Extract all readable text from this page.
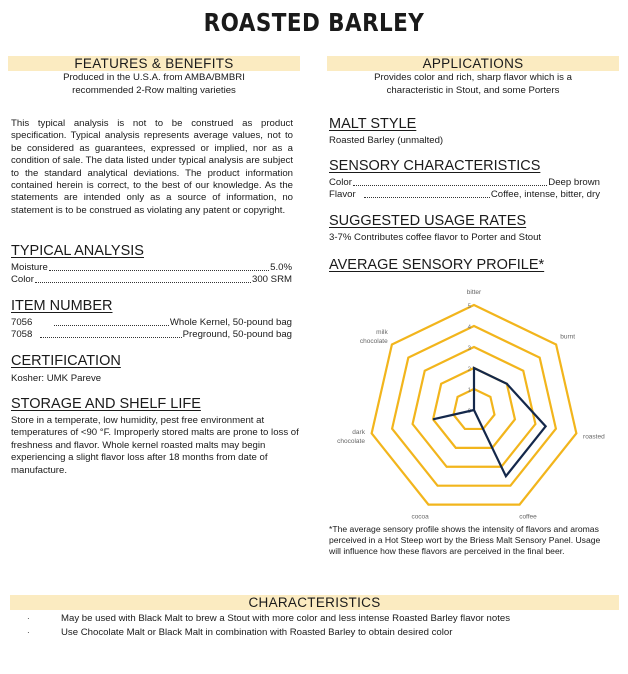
ROASTED BARLEY
FEATURES & BENEFITS
Produced in the U.S.A. from AMBA/BMBRI
recommended 2-Row malting varieties
This typical analysis is not to be construed as product specification. Typical analysis represents average values, not to be considered as guarantees, expressed or implied, nor as a condition of sale. The data listed under typical analysis are subject to the standard analytical deviations. The product information contained herein is correct, to the best of our knowledge. As the statements are intended only as a source of information, no statement is to be construed as violating any patent or copyright.
TYPICAL ANALYSIS
Moisture	5.0%
Color	300 SRM
ITEM NUMBER
7056	Whole Kernel, 50-pound bag
7058	Preground, 50-pound bag
CERTIFICATION
Kosher: UMK Pareve
STORAGE AND SHELF LIFE
Store in a temperate, low humidity, pest free environment at temperatures of <90 °F. Improperly stored malts are prone to loss of freshness and flavor. Whole kernel roasted malts may begin experiencing a slight flavor loss after 18 months from date of manufacture.
APPLICATIONS
Provides color and rich, sharp flavor which is a
characteristic in Stout, and some Porters
MALT STYLE
Roasted Barley (unmalted)
SENSORY CHARACTERISTICS
Color	Deep brown
Flavor	Coffee, intense, bitter, dry
SUGGESTED USAGE RATES
3-7% Contributes coffee flavor to Porter and Stout
AVERAGE SENSORY PROFILE*
0
1
2
3
4
5
bitter
burnt
roasted
coffee
cocoa
dark
chocolate
milk
chocolate
*The average sensory profile shows the intensity of flavors and aromas perceived in a Hot Steep wort by the Briess Malt Sensory Panel. Usage will influence how these flavors are perceived in the final beer.
CHARACTERISTICS
·	May be used with Black Malt to brew a Stout with more color and less intense Roasted Barley flavor notes
·	Use Chocolate Malt or Black Malt in combination with Roasted Barley to obtain desired color
